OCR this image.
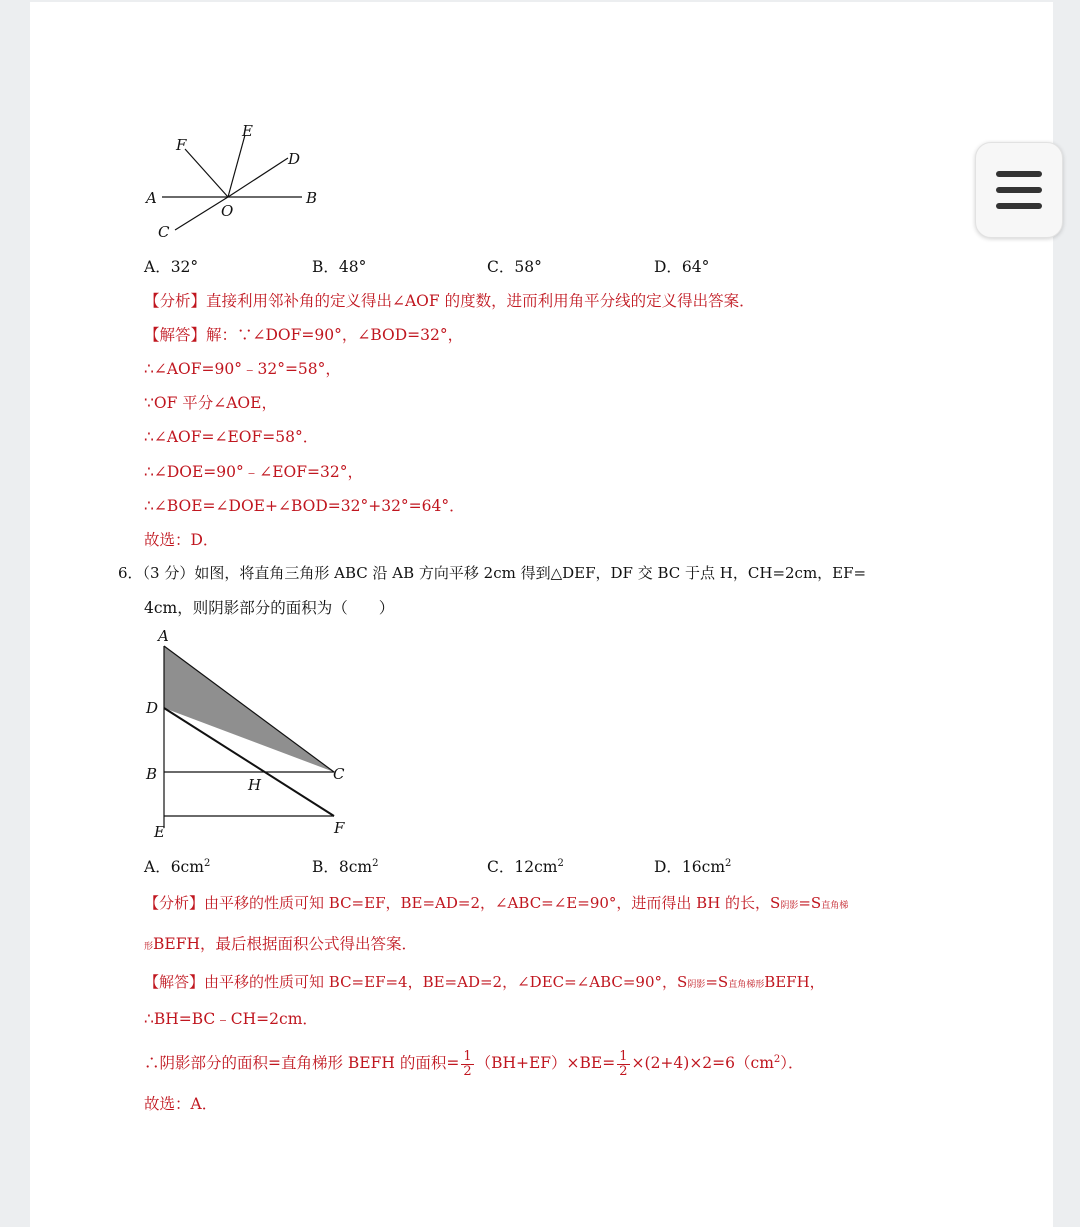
F
E
D
A
O
B
C
A．32°	B．48°	C．58°	D．64°
【分析】直接利用邻补角的定义得出∠AOF 的度数，进而利用角平分线的定义得出答案．
【解答】解：∵∠DOF=90°，∠BOD=32°，
∴∠AOF=90°﹣32°=58°，
∵OF 平分∠AOE，
∴∠AOF=∠EOF=58°．
∴∠DOE=90°﹣∠EOF=32°，
∴∠BOE=∠DOE+∠BOD=32°+32°=64°．
故选：D．
6．（3 分）如图，将直角三角形 ABC 沿 AB 方向平移 2cm 得到△DEF，DF 交 BC 于点 H，CH=2cm，EF=
4cm，则阴影部分的面积为（　　）
A
D
B
H
C
E	F
A．$6cm^2$	B．$8cm^2$	C．$12cm^2$	D．$16cm^2$
【分析】由平移的性质可知 BC=EF，BE=AD=2，∠ABC=∠E=90°，进而得出 BH 的长，S阴影=S直角梯
形BEFH，最后根据面积公式得出答案．
【解答】由平移的性质可知 BC=EF=4，BE=AD=2，∠DEC=∠ABC=90°，S阴影=S直角梯形BEFH，
∴BH=BC﹣CH=2cm．
∴阴影部分的面积=直角梯形 BEFH 的面积= $\frac{1}{2} (BH+EF)\times BE= \frac{1}{2} \times(2+4)\times 2=6(cm^2)$．
故选：A．
